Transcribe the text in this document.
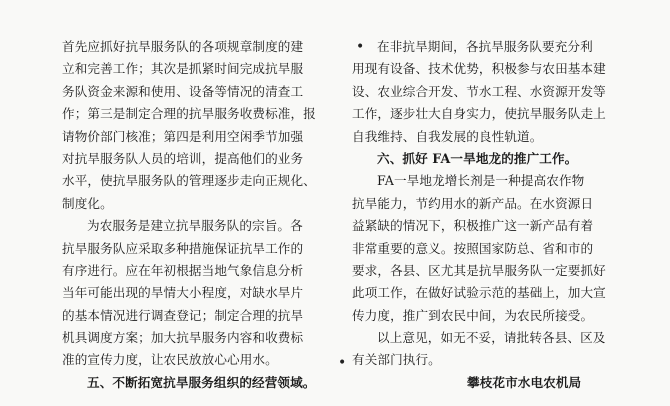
首先应抓好抗旱服务队的各项规章制度的建
立和完善工作；其次是抓紧时间完成抗旱服
务队资金来源和使用、设备等情况的清查工
作；第三是制定合理的抗旱服务收费标准，报
请物价部门核准；第四是利用空闲季节加强
对抗旱服务队人员的培训，提高他们的业务
水平，使抗旱服务队的管理逐步走向正规化、
制度化。
为农服务是建立抗旱服务队的宗旨。各
抗旱服务队应采取多种措施保证抗旱工作的
有序进行。应在年初根据当地气象信息分析
当年可能出现的旱情大小程度，对缺水旱片
的基本情况进行调查登记；制定合理的抗旱
机具调度方案；加大抗旱服务内容和收费标
准的宣传力度，让农民放放心心用水。
五、不断拓宽抗旱服务组织的经营领域。
在非抗旱期间，各抗旱服务队要充分利
用现有设备、技术优势，积极参与农田基本建
设、农业综合开发、节水工程、水资源开发等
工作，逐步壮大自身实力，使抗旱服务队走上
自我维持、自我发展的良性轨道。
六、抓好 FA一旱地龙的推广工作。
FA一旱地龙增长剂是一种提高农作物
抗旱能力，节约用水的新产品。在水资源日
益紧缺的情况下，积极推广这一新产品有着
非常重要的意义。按照国家防总、省和市的
要求，各县、区尤其是抗旱服务队一定要抓好
此项工作，在做好试验示范的基础上，加大宣
传力度，推广到农民中间，为农民所接受。
以上意见，如无不妥，请批转各县、区及
有关部门执行。
攀枝花市水电农机局
•
•
